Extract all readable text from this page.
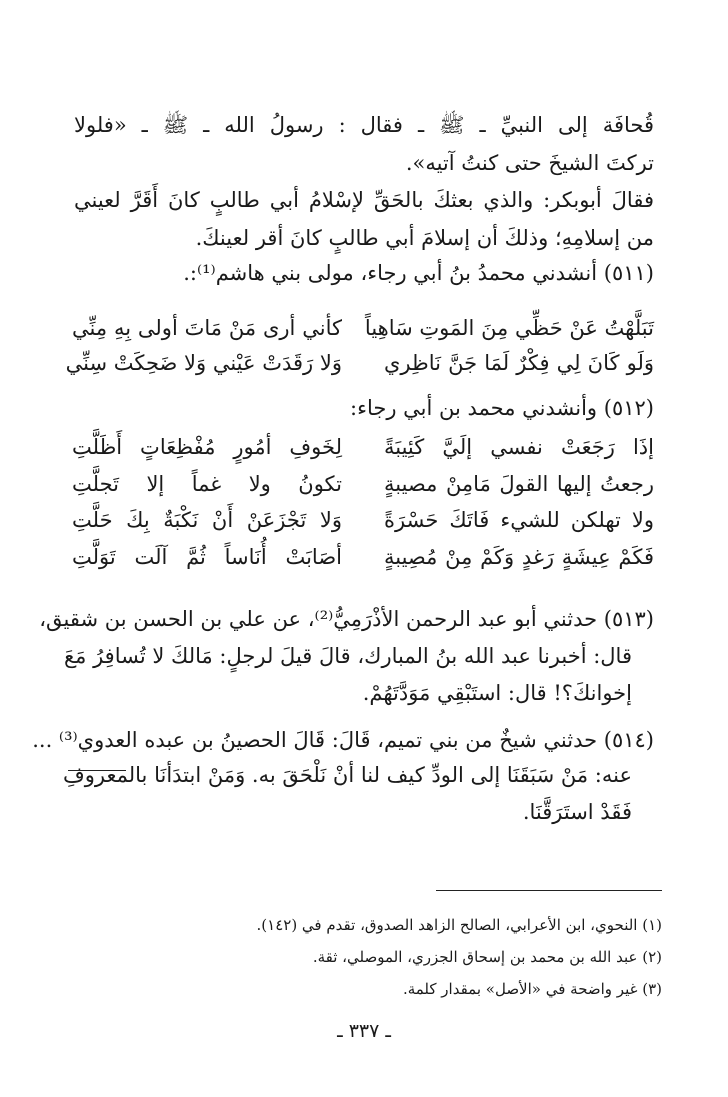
قُحافَة إلى النبيِّ ـ ﷺ ـ فقال : رسولُ الله ـ ﷺ ـ «فلولا
تركتَ الشيخَ حتى كنتُ آتيه».
فقالَ أبوبكر: والذي بعثكَ بالحَقِّ لإسْلامُ أبي طالبٍ كانَ أَقَرَّ لعيني
من إسلامِهِ؛ وذلكَ أن إسلامَ أبي طالبٍ كانَ أقر لعينكَ.
(٥١١) أنشدني محمدُ بنُ أبي رجاء، مولى بني هاشم⁽¹⁾:.
تَبَلَّهْتُ عَنْ حَظِّي مِنَ المَوتِ سَاهِياً
كأني أرى مَنْ مَاتَ أولى بِهِ مِنِّي
وَلَو كَانَ لِي فِكْرٌ لَمَا جَنَّ نَاظِري
وَلا رَقَدَتْ عَيْني وَلا ضَحِكَتْ سِنِّي
(٥١٢) وأنشدني محمد بن أبي رجاء:
إذَا رَجَعَتْ نفسي إلَيَّ كَئِيبَةً
لِخَوفِ أمُورٍ مُفْظِعَاتٍ أَظَلَّتِ
رجعتُ إليها القولَ مَامِنْ مصيبةٍ
تكونُ ولا غماً إلا تَجلَّتِ
ولا تهلكن للشيء فَاتَكَ حَسْرَةً
وَلا تَجْزَعَنْ أَنْ نَكْبَةٌ بِكَ حَلَّتِ
فَكَمْ عِيشَةٍ رَغدٍ وَكَمْ مِنْ مُصِيبةٍ
أصَابَتْ أُنَاساً ثُمَّ آلَت تَوَلَّتِ
(٥١٣) حدثني أبو عبد الرحمن الأذْرَمِيُّ⁽²⁾، عن علي بن الحسن بن شقيق،
قال: أخبرنا عبد الله بنُ المبارك، قالَ قيلَ لرجلٍ: مَالكَ لا تُسافِرُ مَعَ
إخوانكَ؟! قال: استَبْقِي مَوَدَّتَهُمْ.
(٥١٤) حدثني شيخٌ من بني تميم، قَالَ: قَالَ الحصينُ بن عبده العدوي⁽³⁾ ...
عنه: مَنْ سَبَقَنَا إلى الودِّ كيف لنا أنْ نَلْحَقَ به. وَمَنْ ابتدَأنَا بالمعروفِ
فَقَدْ استَرَقَّنَا.
(١) النحوي، ابن الأعرابي، الصالح الزاهد الصدوق، تقدم في (١٤٢).
(٢) عبد الله بن محمد بن إسحاق الجزري، الموصلي، ثقة.
(٣) غير واضحة في «الأصل» بمقدار كلمة.
ـ ٣٣٧ ـ
